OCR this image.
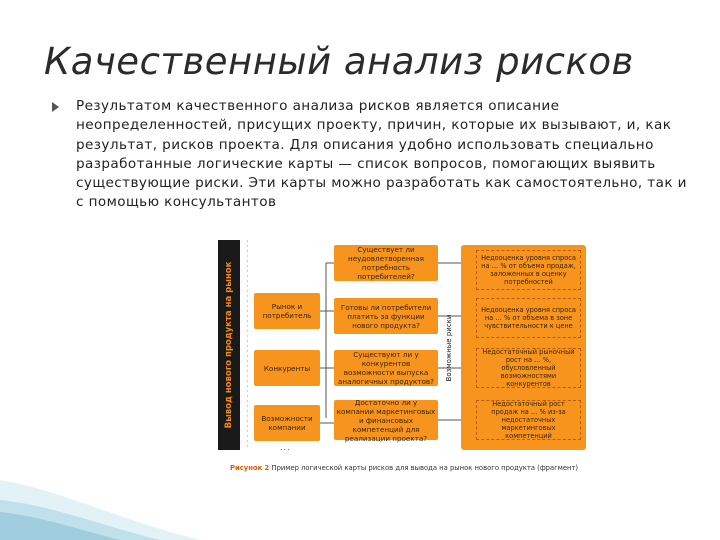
Качественный анализ рисков

Результатом качественного анализа рисков является описание неопределенностей, присущих проекту, причин, которые их вызывают, и, как результат, рисков проекта. Для описания удобно использовать специально разработанные логические карты — список вопросов, помогающих выявить существующие риски. Эти карты можно разработать как самостоятельно, так и с помощью консультантов

Вывод нового продукта на рынок	Рынок и потребитель
Конкуренты
Возможности компании
...
Существует ли неудовлетворенная потребность потребителей?
Готовы ли потребители платить за функции нового продукта?
Существуют ли у конкурентов возможности выпуска аналогичных продуктов?
Достаточно ли у компании маркетинговых и финансовых компетенций для реализации проекта?
Возможные риски
Недооценка уровня спроса на … % от объема продаж, заложенных в оценку потребностей
Недооценка уровня спроса на … % от объема в зоне чувствительности к цене
Недостаточный рыночный рост на … %, обусловленный возможностями конкурентов
Недостаточный рост продаж на … % из-за недостаточных маркетинговых компетенций
Рисунок 2 Пример логической карты рисков для вывода на рынок нового продукта (фрагмент)
